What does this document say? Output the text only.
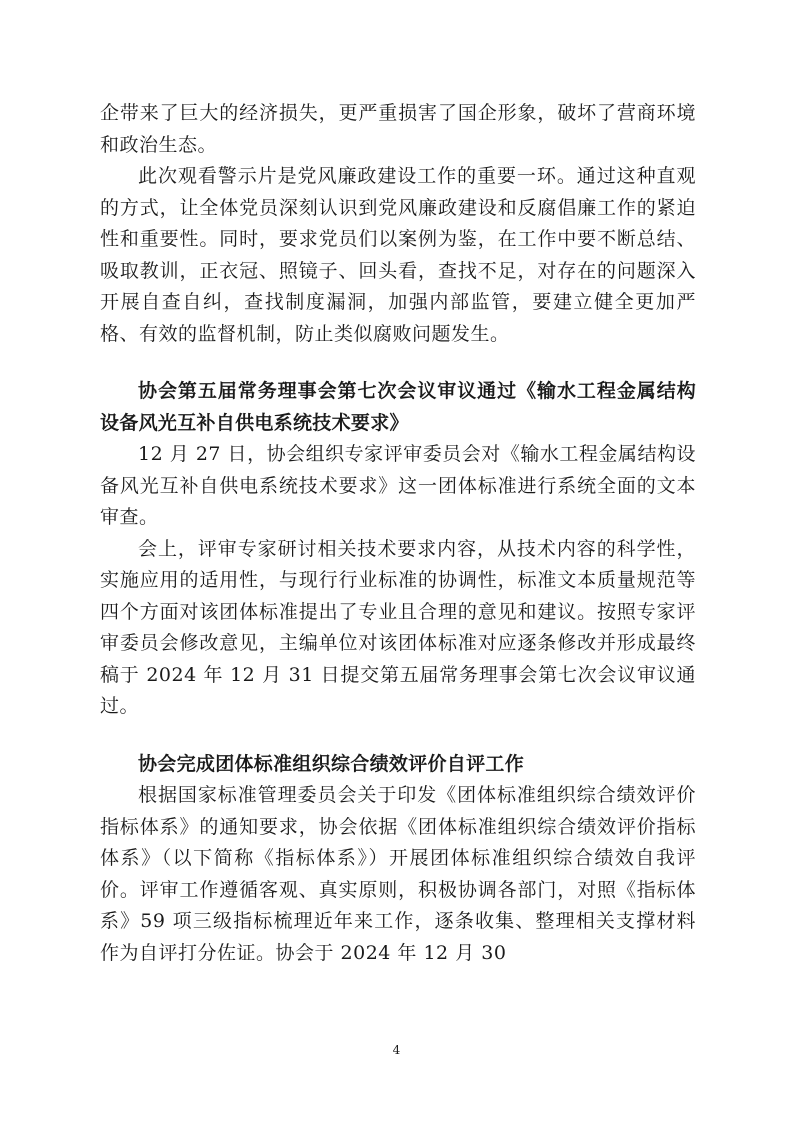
企带来了巨大的经济损失，更严重损害了国企形象，破坏了营商环境和政治生态。

此次观看警示片是党风廉政建设工作的重要一环。通过这种直观的方式，让全体党员深刻认识到党风廉政建设和反腐倡廉工作的紧迫性和重要性。同时，要求党员们以案例为鉴，在工作中要不断总结、吸取教训，正衣冠、照镜子、回头看，查找不足，对存在的问题深入开展自查自纠，查找制度漏洞，加强内部监管，要建立健全更加严格、有效的监督机制，防止类似腐败问题发生。

协会第五届常务理事会第七次会议审议通过《输水工程金属结构设备风光互补自供电系统技术要求》

12 月 27 日，协会组织专家评审委员会对《输水工程金属结构设备风光互补自供电系统技术要求》这一团体标准进行系统全面的文本审查。

会上，评审专家研讨相关技术要求内容，从技术内容的科学性，实施应用的适用性，与现行行业标准的协调性，标准文本质量规范等四个方面对该团体标准提出了专业且合理的意见和建议。按照专家评审委员会修改意见，主编单位对该团体标准对应逐条修改并形成最终稿于 2024 年 12 月 31 日提交第五届常务理事会第七次会议审议通过。

协会完成团体标准组织综合绩效评价自评工作

根据国家标准管理委员会关于印发《团体标准组织综合绩效评价指标体系》的通知要求，协会依据《团体标准组织综合绩效评价指标体系》（以下简称《指标体系》）开展团体标准组织综合绩效自我评价。评审工作遵循客观、真实原则，积极协调各部门，对照《指标体系》59 项三级指标梳理近年来工作，逐条收集、整理相关支撑材料作为自评打分佐证。协会于 2024 年 12 月 30

4
